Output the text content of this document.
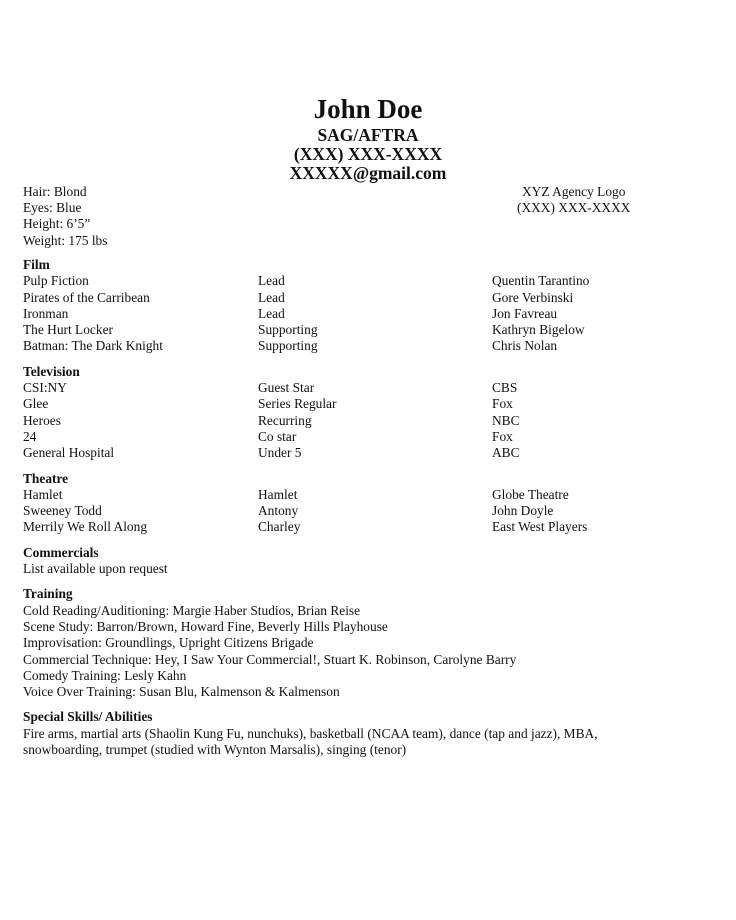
John Doe
SAG/AFTRA
(XXX) XXX-XXXX
XXXXX@gmail.com
Hair: Blond
Eyes: Blue
Height: 6’5”
Weight: 175 lbs
XYZ Agency Logo
(XXX) XXX-XXXX
Film
Pulp Fiction	Lead	Quentin Tarantino
Pirates of the Carribean	Lead	Gore Verbinski
Ironman	Lead	Jon Favreau
The Hurt Locker	Supporting	Kathryn Bigelow
Batman: The Dark Knight	Supporting	Chris Nolan
Television
CSI:NY	Guest Star	CBS
Glee	Series Regular	Fox
Heroes	Recurring	NBC
24	Co star	Fox
General Hospital	Under 5	ABC
Theatre
Hamlet	Hamlet	Globe Theatre
Sweeney Todd	Antony	John Doyle
Merrily We Roll Along	Charley	East West Players
Commercials
List available upon request
Training
Cold Reading/Auditioning: Margie Haber Studios, Brian Reise
Scene Study: Barron/Brown, Howard Fine, Beverly Hills Playhouse
Improvisation: Groundlings, Upright Citizens Brigade
Commercial Technique: Hey, I Saw Your Commercial!, Stuart K. Robinson, Carolyne Barry
Comedy Training: Lesly Kahn
Voice Over Training: Susan Blu, Kalmenson & Kalmenson
Special Skills/ Abilities
Fire arms, martial arts (Shaolin Kung Fu, nunchuks), basketball (NCAA team), dance (tap and jazz), MBA,
snowboarding, trumpet (studied with Wynton Marsalis), singing (tenor)
